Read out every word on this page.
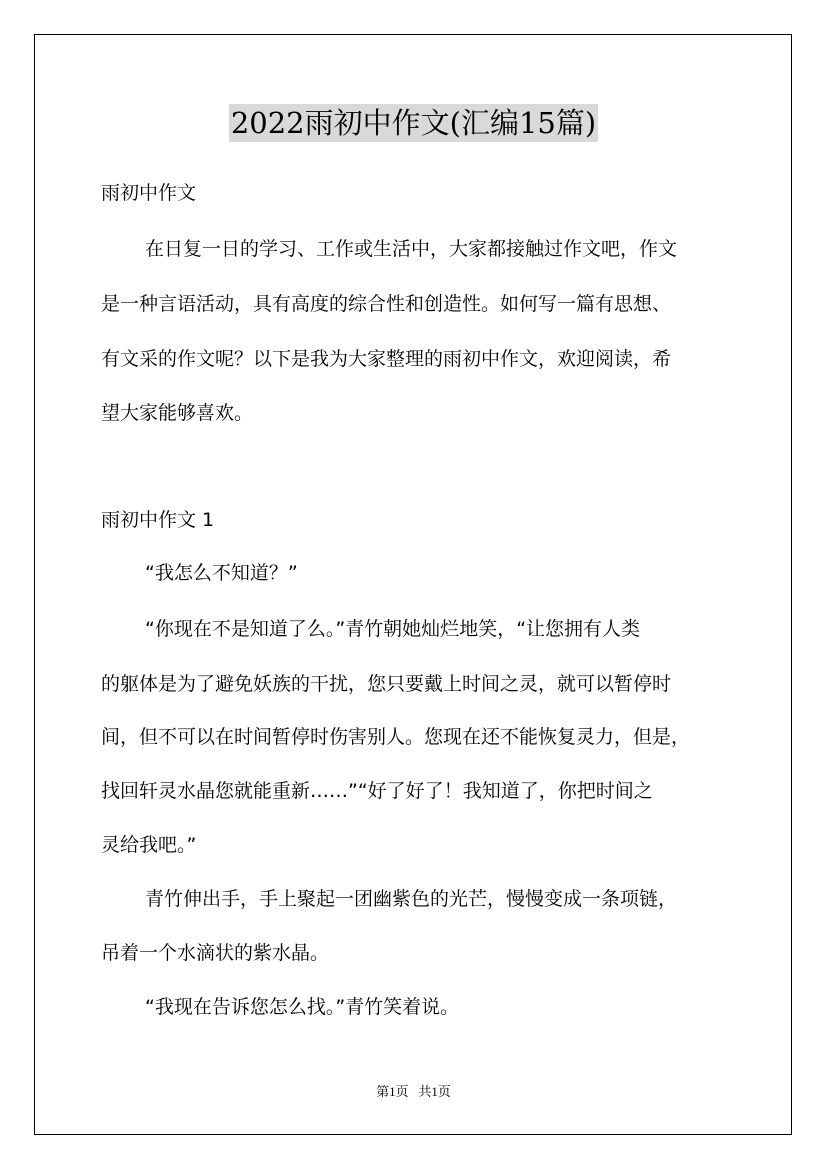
2022雨初中作文(汇编15篇)
雨初中作文
在日复一日的学习、工作或生活中，大家都接触过作文吧，作文
是一种言语活动，具有高度的综合性和创造性。如何写一篇有思想、
有文采的作文呢？以下是我为大家整理的雨初中作文，欢迎阅读，希
望大家能够喜欢。
雨初中作文 1
“我怎么不知道？”
“你现在不是知道了么。”青竹朝她灿烂地笑，“让您拥有人类
的躯体是为了避免妖族的干扰，您只要戴上时间之灵，就可以暂停时
间，但不可以在时间暂停时伤害别人。您现在还不能恢复灵力，但是，
找回轩灵水晶您就能重新……”“好了好了！我知道了，你把时间之
灵给我吧。”
青竹伸出手，手上聚起一团幽紫色的光芒，慢慢变成一条项链，
吊着一个水滴状的紫水晶。
“我现在告诉您怎么找。”青竹笑着说。
第1页 共1页
